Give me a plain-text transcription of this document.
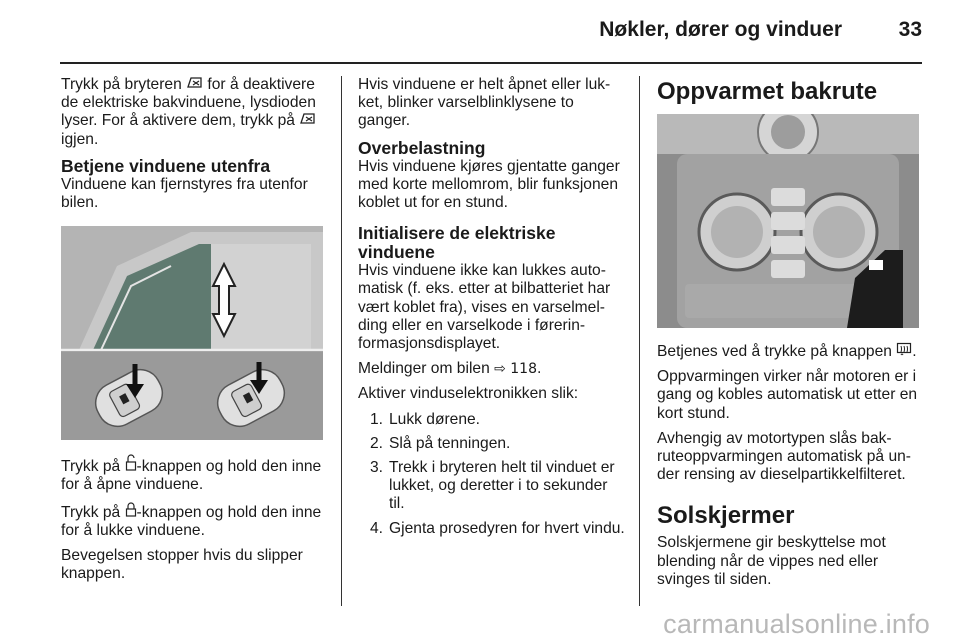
Nøkler, dører og vinduer	33

Trykk på bryteren  for å deaktivere de elektriske bakvinduene, lysdioden lyser. For å aktivere dem, trykk på  igjen.

Betjene vinduene utenfra

Vinduene kan fjernstyres fra utenfor bilen.

Trykk på -knappen og hold den inne for å åpne vinduene.

Trykk på -knappen og hold den inne for å lukke vinduene.

Bevegelsen stopper hvis du slipper knappen.

Hvis vinduene er helt åpnet eller luk-ket, blinker varselblinklysene to ganger.

Overbelastning

Hvis vinduene kjøres gjentatte ganger med korte mellomrom, blir funksjonen koblet ut for en stund.

Initialisere de elektriske vinduene

Hvis vinduene ikke kan lukkes auto-matisk (f. eks. etter at bilbatteriet har vært koblet fra), vises en varselmel-ding eller en varselkode i førerin-formasjonsdisplayet.

Meldinger om bilen ⇨ 118.

Aktiver vinduselektronikken slik:

1. Lukk dørene.
2. Slå på tenningen.
3. Trekk i bryteren helt til vinduet er lukket, og deretter i to sekunder til.
4. Gjenta prosedyren for hvert vindu.
Oppvarmet bakrute

Betjenes ved å trykke på knappen .

Oppvarmingen virker når motoren er i gang og kobles automatisk ut etter en kort stund.

Avhengig av motortypen slås bak-ruteoppvarmingen automatisk på un-der rensing av dieselpartikkelfilteret.

Solskjermer

Solskjermene gir beskyttelse mot blending når de vippes ned eller svinges til siden.

carmanualsonline.info
